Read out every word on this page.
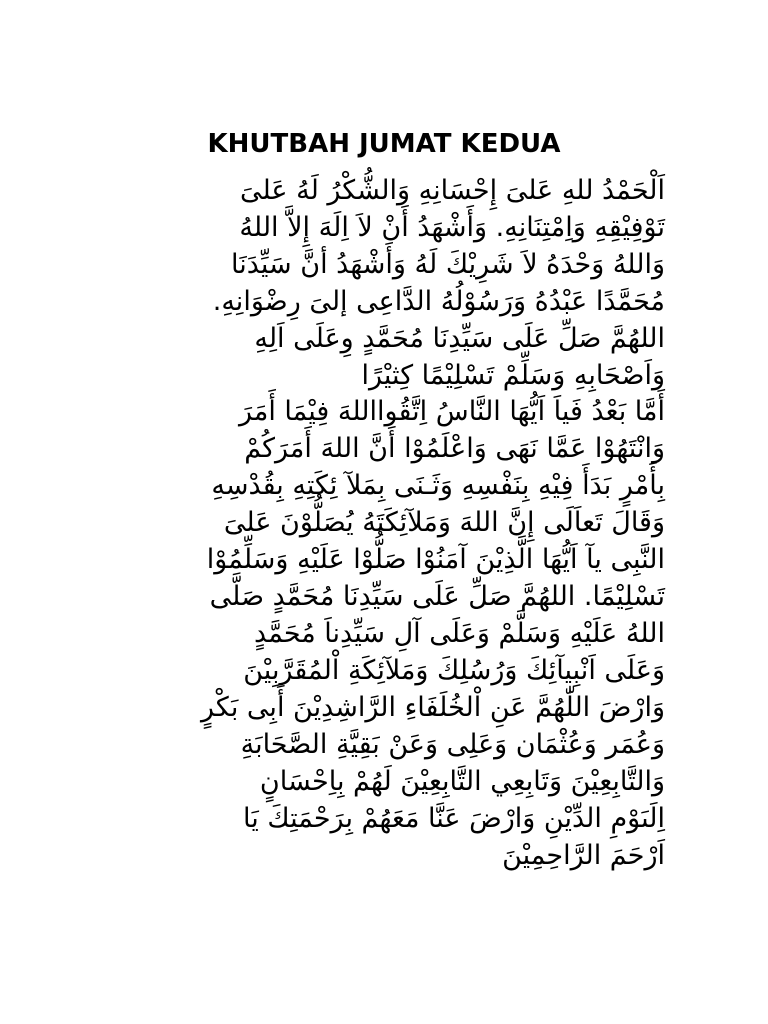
KHUTBAH JUMAT KEDUA

اَلْحَمْدُ للهِ عَلىَ إِحْسَانِهِ وَالشُّكْرُ لَهُ عَلىَ
تَوْفِيْقِهِ وَاِمْتِنَانِهِ. وَأَشْهَدُ أَنْ لاَ اِلَهَ إِلاَّ اللهُ
وَاللهُ وَحْدَهُ لاَ شَرِيْكَ لَهُ وَأَشْهَدُ أنَّ سَيِّدَنَا
مُحَمَّدًا عَبْدُهُ وَرَسُوْلُهُ الدَّاعِى إلىَ رِضْوَانِهِ.
اللهُمَّ صَلِّ عَلَى سَيِّدِنَا مُحَمَّدٍ وِعَلَى اَلِهِ
وَاَصْحَابِهِ وَسَلِّمْ تَسْلِيْمًا كِثيْرًا

أَمَّا بَعْدُ فَياَ اَيُّهَا النَّاسُ اِتَّقُوااللهَ فِيْمَا أَمَرَ
وَانْتَهُوْا عَمَّا نَهَى وَاعْلَمُوْا أَنَّ اللهَ أَمَرَكُمْ
بِأَمْرٍ بَدَأَ فِيْهِ بِنَفْسِهِ وَثَـنَى بِمَلآ ئِكَتِهِ بِقُدْسِهِ
وَقَالَ تَعاَلَى إِنَّ اللهَ وَمَلآئِكَتَهُ يُصَلُّوْنَ عَلىَ
النَّبِى يآ اَيُّهَا الَّذِيْنَ آمَنُوْا صَلُّوْا عَلَيْهِ وَسَلِّمُوْا
تَسْلِيْمًا. اللهُمَّ صَلِّ عَلَى سَيِّدِنَا مُحَمَّدٍ صَلَّى
اللهُ عَلَيْهِ وَسَلَّمْ وَعَلَى آلِ سَيِّدِناَ مُحَمَّدٍ
وَعَلَى اَنْبِيآئِكَ وَرُسُلِكَ وَمَلآئِكَةِ اْلمُقَرَّبِيْنَ
وَارْضَ اللّٰهُمَّ عَنِ اْلخُلَفَاءِ الرَّاشِدِيْنَ أَبِى بَكْرٍ
وَعُمَر وَعُثْمَان وَعَلِى وَعَنْ بَقِيَّةِ الصَّحَابَةِ
وَالتَّابِعِيْنَ وَتَابِعِي التَّابِعِيْنَ لَهُمْ بِاِحْسَانٍ
اِلَىَوْمِ الدِّيْنِ وَارْضَ عَنَّا مَعَهُمْ بِرَحْمَتِكَ يَا
اَرْحَمَ الرَّاحِمِيْنَ
